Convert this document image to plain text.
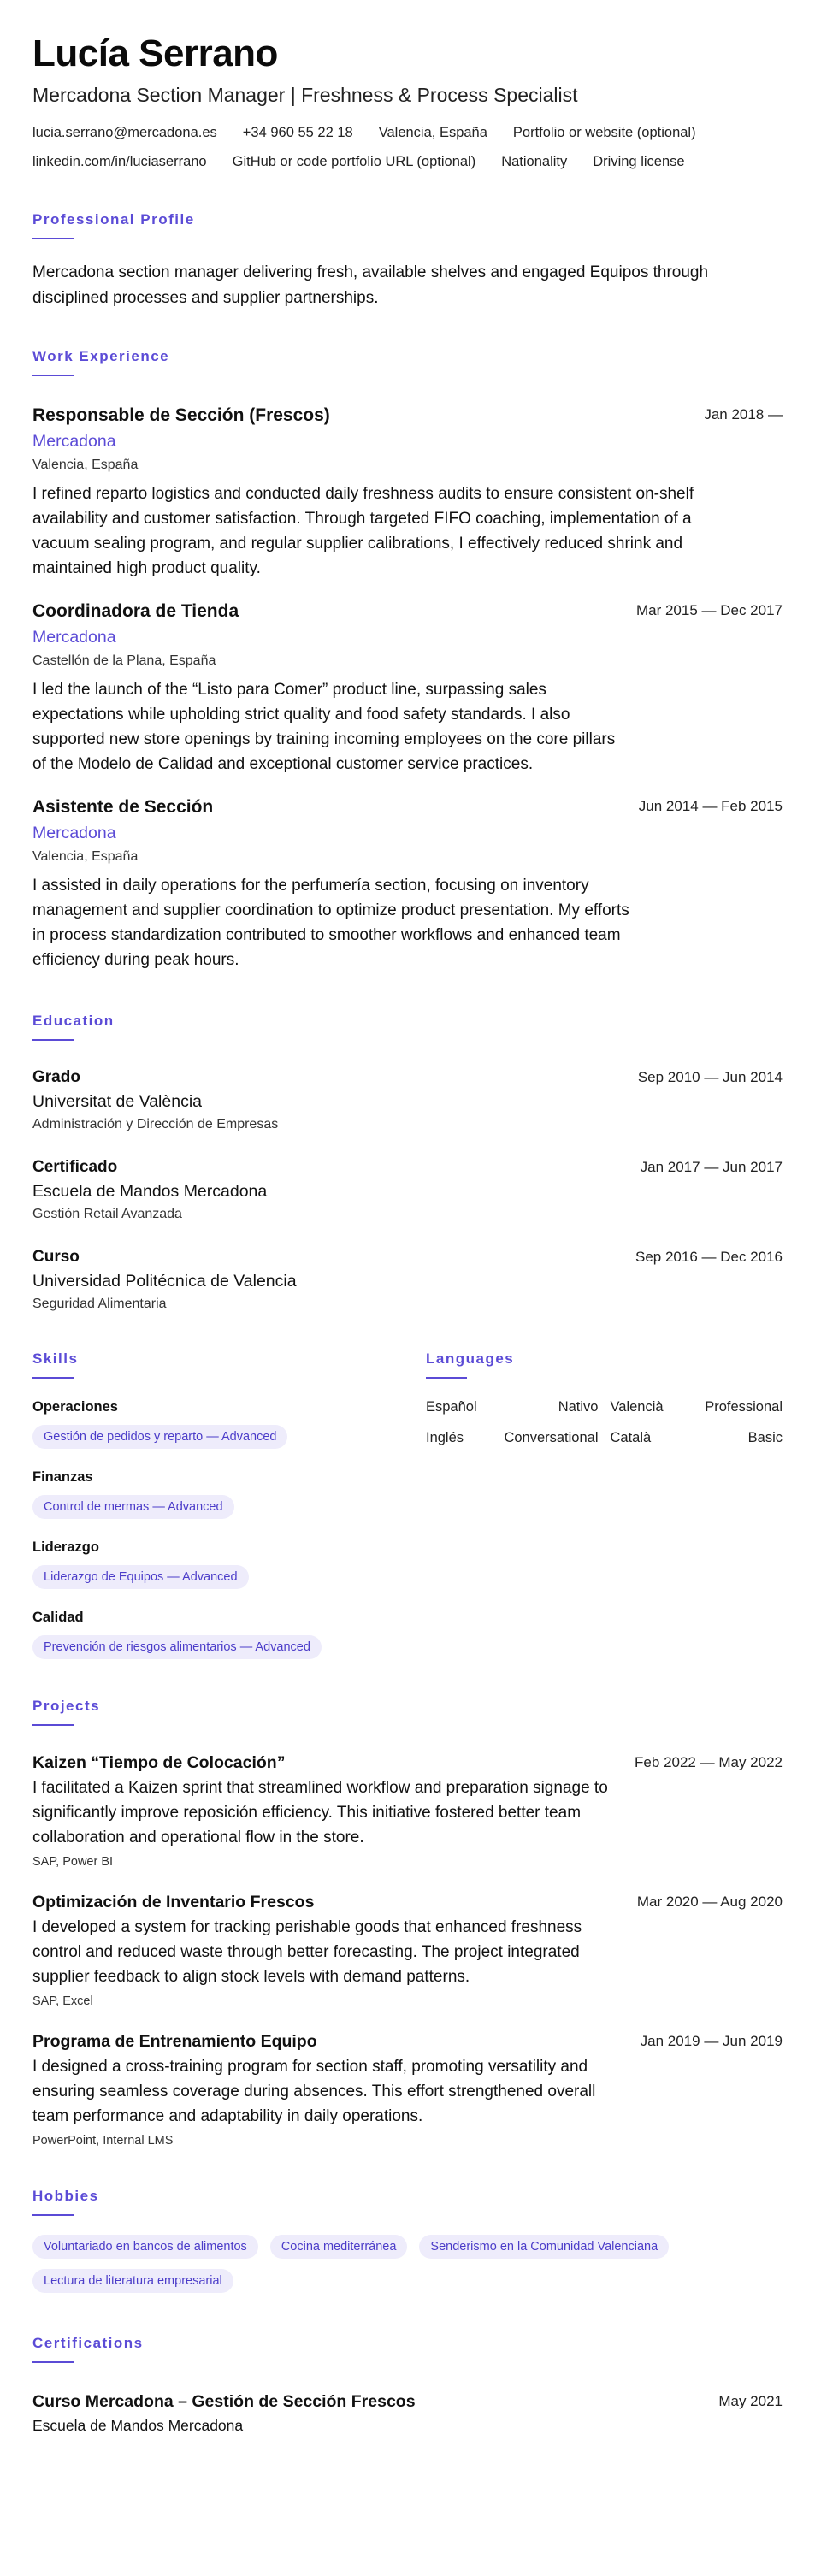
Lucía Serrano
Mercadona Section Manager | Freshness & Process Specialist
lucia.serrano@mercadona.es +34 960 55 22 18 Valencia, España Portfolio or website (optional)
linkedin.com/in/luciaserrano GitHub or code portfolio URL (optional) Nationality Driving license
Professional Profile

Mercadona section manager delivering fresh, available shelves and engaged Equipos through disciplined processes and supplier partnerships.

Work Experience
Responsable de Sección (Frescos)	Jan 2018 —
Mercadona
Valencia, España

I refined reparto logistics and conducted daily freshness audits to ensure consistent on-shelf availability and customer satisfaction. Through targeted FIFO coaching, implementation of a vacuum sealing program, and regular supplier calibrations, I effectively reduced shrink and maintained high product quality.

Coordinadora de Tienda	Mar 2015 — Dec 2017
Mercadona
Castellón de la Plana, España

I led the launch of the “Listo para Comer” product line, surpassing sales expectations while upholding strict quality and food safety standards. I also supported new store openings by training incoming employees on the core pillars of the Modelo de Calidad and exceptional customer service practices.

Asistente de Sección	Jun 2014 — Feb 2015
Mercadona
Valencia, España

I assisted in daily operations for the perfumería section, focusing on inventory management and supplier coordination to optimize product presentation. My efforts in process standardization contributed to smoother workflows and enhanced team efficiency during peak hours.

Education
Grado	Sep 2010 — Jun 2014
Universitat de València
Administración y Dirección de Empresas
Certificado	Jan 2017 — Jun 2017
Escuela de Mandos Mercadona
Gestión Retail Avanzada
Curso	Sep 2016 — Dec 2016
Universidad Politécnica de Valencia
Seguridad Alimentaria
Skills
Operaciones
Gestión de pedidos y reparto — Advanced
Finanzas
Control de mermas — Advanced
Liderazgo
Liderazgo de Equipos — Advanced
Calidad
Prevención de riesgos alimentarios — Advanced
Languages
Español	Nativo Valencià	Professional
Inglés	Conversational Català	Basic
Projects
Kaizen “Tiempo de Colocación”	Feb 2022 — May 2022

I facilitated a Kaizen sprint that streamlined workflow and preparation signage to significantly improve reposición efficiency. This initiative fostered better team collaboration and operational flow in the store.

SAP, Power BI
Optimización de Inventario Frescos	Mar 2020 — Aug 2020

I developed a system for tracking perishable goods that enhanced freshness control and reduced waste through better forecasting. The project integrated supplier feedback to align stock levels with demand patterns.

SAP, Excel
Programa de Entrenamiento Equipo	Jan 2019 — Jun 2019

I designed a cross-training program for section staff, promoting versatility and ensuring seamless coverage during absences. This effort strengthened overall team performance and adaptability in daily operations.

PowerPoint, Internal LMS
Hobbies
Voluntariado en bancos de alimentos	Cocina mediterránea	Senderismo en la Comunidad Valenciana
Lectura de literatura empresarial
Certifications
Curso Mercadona – Gestión de Sección Frescos	May 2021
Escuela de Mandos Mercadona
